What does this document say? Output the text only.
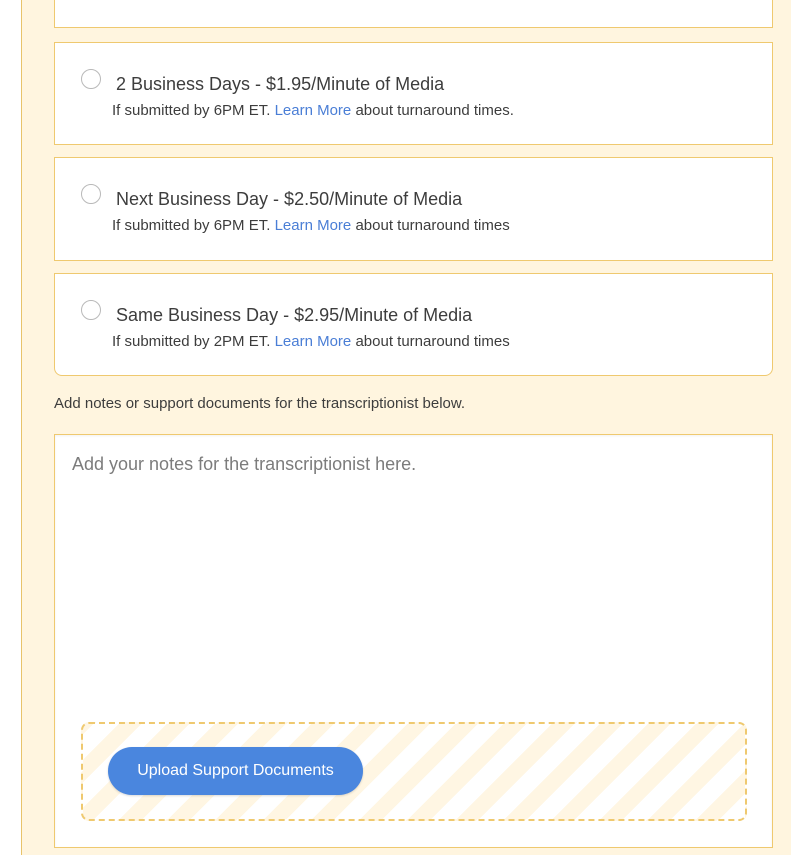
2 Business Days - $1.95/Minute of Media
If submitted by 6PM ET. Learn More about turnaround times.
Next Business Day - $2.50/Minute of Media
If submitted by 6PM ET. Learn More about turnaround times
Same Business Day - $2.95/Minute of Media
If submitted by 2PM ET. Learn More about turnaround times
Add notes or support documents for the transcriptionist below.
Add your notes for the transcriptionist here.
Upload Support Documents
